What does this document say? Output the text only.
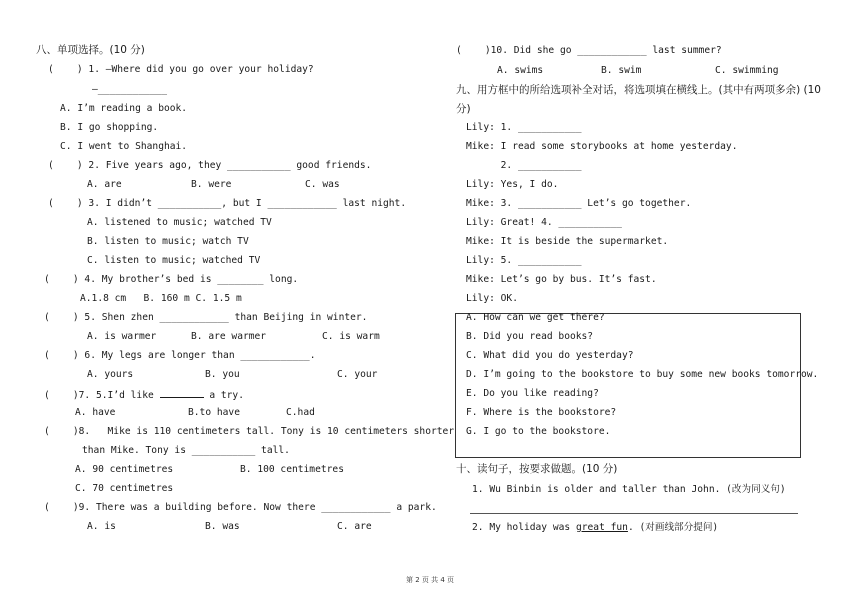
八、单项选择。(10 分)
(    ) 1. —Where did you go over your holiday?
—____________
A. I’m reading a book.
B. I go shopping.
C. I went to Shanghai.
(    ) 2. Five years ago, they ___________ good friends.
A. are	B. were	C. was
(    ) 3. I didn’t ___________, but I ____________ last night.
A. listened to music; watched TV
B. listen to music; watch TV
C. listen to music; watched TV
(    ) 4. My brother’s bed is ________ long.
A.1.8 cm   B. 160 m C. 1.5 m
(    ) 5. Shen zhen ____________ than Beijing in winter.
A. is warmer	B. are warmer	C. is warm
(    ) 6. My legs are longer than ____________.
A. yours	B. you	C. your
(    )7. 5.I’d like	a try.
A. have	B.to have	C.had
(    )8.   Mike is 110 centimeters tall. Tony is 10 centimeters shorter
than Mike. Tony is ___________ tall.
A. 90 centimetres	B. 100 centimetres
C. 70 centimetres
(    )9. There was a building before. Now there ____________ a park.
A. is	B. was	C. are
(    )10. Did she go ____________ last summer?
A. swims	B. swim	C. swimming
九、用方框中的所给选项补全对话，将选项填在横线上。(其中有两项多余) (10
分)
Lily: 1. ___________
Mike: I read some storybooks at home yesterday.
2. ___________
Lily: Yes, I do.
Mike: 3. ___________ Let’s go together.
Lily: Great! 4. ___________
Mike: It is beside the supermarket.
Lily: 5. ___________
Mike: Let’s go by bus. It’s fast.
Lily: OK.
A. How can we get there?
B. Did you read books?
C. What did you do yesterday?
D. I’m going to the bookstore to buy some new books tomorrow.
E. Do you like reading?
F. Where is the bookstore?
G. I go to the bookstore.
十、读句子，按要求做题。(10 分)
1. Wu Binbin is older and taller than John. (改为同义句)
2. My holiday was great fun. (对画线部分提问)
第 2 页 共 4 页
